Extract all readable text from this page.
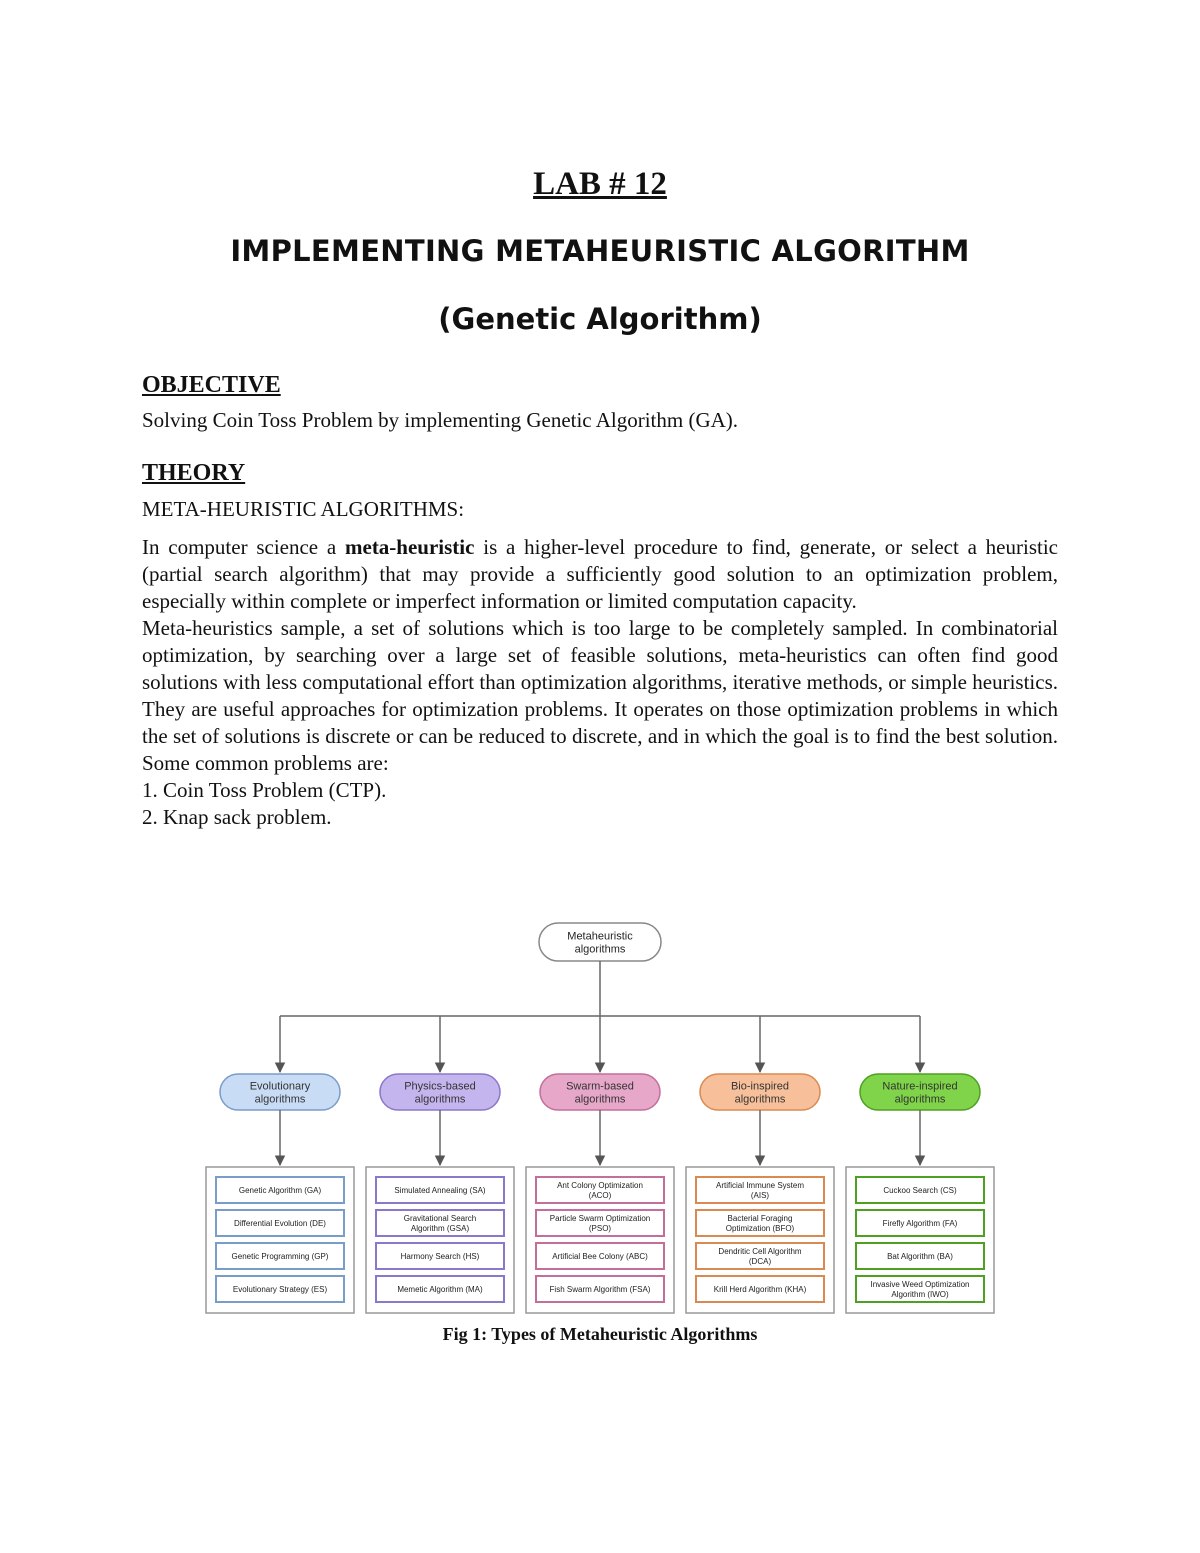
LAB # 12
IMPLEMENTING METAHEURISTIC ALGORITHM
(Genetic Algorithm)
OBJECTIVE
Solving Coin Toss Problem by implementing Genetic Algorithm (GA).
THEORY
META-HEURISTIC ALGORITHMS:

In computer science a meta-heuristic is a higher-level procedure to find, generate, or select a heuristic (partial search algorithm) that may provide a sufficiently good solution to an optimization problem, especially within complete or imperfect information or limited computation capacity.

Meta-heuristics sample, a set of solutions which is too large to be completely sampled. In combinatorial optimization, by searching over a large set of feasible solutions, meta-heuristics can often find good solutions with less computational effort than optimization algorithms, iterative methods, or simple heuristics. They are useful approaches for optimization problems. It operates on those optimization problems in which the set of solutions is discrete or can be reduced to discrete, and in which the goal is to find the best solution. Some common problems are:

1. Coin Toss Problem (CTP).

2. Knap sack problem.

Metaheuristic
algorithms
Evolutionary
algorithms
Genetic Algorithm (GA)
Differential Evolution (DE)
Genetic Programming (GP)
Evolutionary Strategy (ES)
Physics-based
algorithms
Simulated Annealing (SA)
Gravitational Search
Algorithm (GSA)
Harmony Search (HS)
Memetic Algorithm (MA)
Swarm-based
algorithms
Ant Colony Optimization
(ACO)
Particle Swarm Optimization
(PSO)
Artificial Bee Colony (ABC)
Fish Swarm Algorithm (FSA)
Bio-inspired
algorithms
Artificial Immune System
(AIS)
Bacterial Foraging
Optimization (BFO)
Dendritic Cell Algorithm
(DCA)
Krill Herd Algorithm (KHA)
Nature-inspired
algorithms
Cuckoo Search (CS)
Firefly Algorithm (FA)
Bat Algorithm (BA)
Invasive Weed Optimization
Algorithm (IWO)
Fig 1: Types of Metaheuristic Algorithms
